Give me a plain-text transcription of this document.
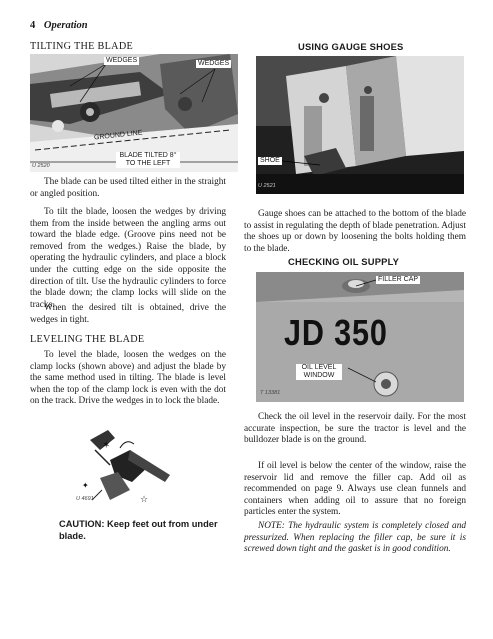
4 Operation
TILTING THE BLADE
WEDGES	WEDGES
GROUND LINE
BLADE TILTED 8° TO THE LEFT
U 2520

The blade can be used tilted either in the straight or angled position.

To tilt the blade, loosen the wedges by driving them from the inside between the angling arms out toward the blade edge. (Groove pins need not be removed from the wedges.) Raise the blade, by operating the hydraulic cylinders, and place a block under the cutting edge on the side opposite the direction of tilt. Use the hydraulic cylinders to force the blade down; the clamp locks will slide on the tracks.

When the desired tilt is obtained, drive the wedges in tight.

LEVELING THE BLADE

To level the blade, loosen the wedges on the clamp locks (shown above) and adjust the blade by the same method used in tilting. The blade is level when the top of the clamp lock is even with the dot on the track. Drive the wedges in to lock the blade.

✶
☆
✦
U 4691
CAUTION: Keep feet out from under blade.
USING GAUGE SHOES
SHOE
U 2521

Gauge shoes can be attached to the bottom of the blade to assist in regulating the depth of blade penetration. Adjust the shoes up or down by loosening the bolts holding them to the blade.

CHECKING OIL SUPPLY
JD 350
FILLER CAP
OIL LEVEL WINDOW
T 13381

Check the oil level in the reservoir daily. For the most accurate inspection, be sure the tractor is level and the bulldozer blade is on the ground.

If oil level is below the center of the window, raise the reservoir lid and remove the filler cap. Add oil as recommended on page 9. Always use clean funnels and containers when adding oil to assure that no foreign particles enter the system.

NOTE: The hydraulic system is completely closed and pressurized. When replacing the filler cap, be sure it is screwed down tight and the gasket is in good condition.
